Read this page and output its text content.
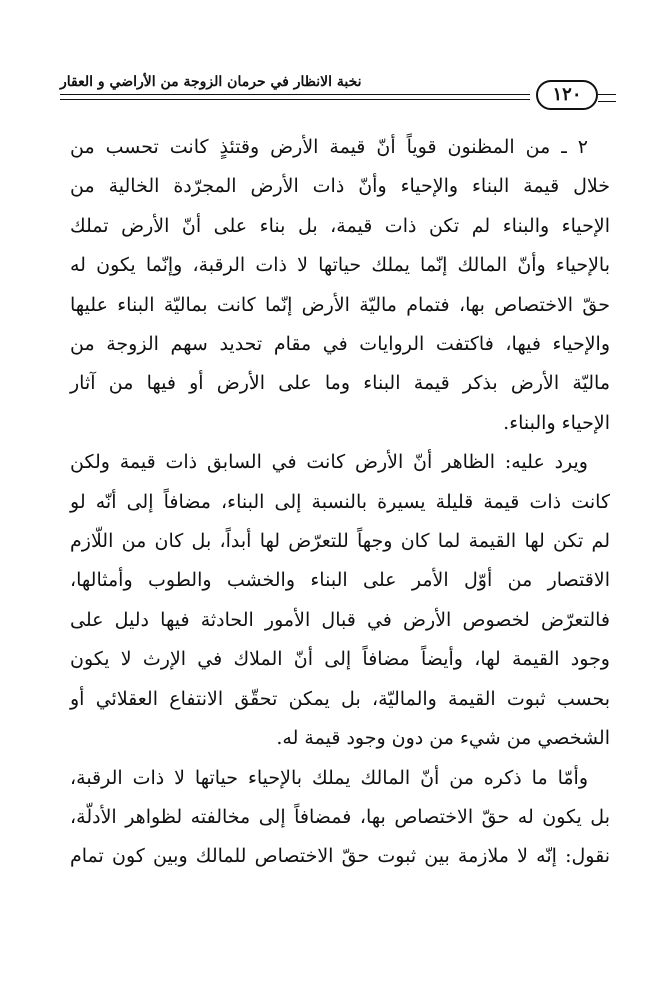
نخبة الانظار في حرمان الزوجة من الأراضي و العقار
١٢٠
٢ ـ من المظنون قوياً أنّ قيمة الأرض وقتئذٍ كانت تحسب من
خلال قيمة البناء والإحياء وأنّ ذات الأرض المجرّدة الخالية من
الإحياء والبناء لم تكن ذات قيمة، بل بناء على أنّ الأرض تملك
بالإحياء وأنّ المالك إنّما يملك حياتها لا ذات الرقبة، وإنّما يكون له
حقّ الاختصاص بها، فتمام ماليّة الأرض إنّما كانت بماليّة البناء عليها
والإحياء فيها، فاكتفت الروايات في مقام تحديد سهم الزوجة من
ماليّة الأرض بذكر قيمة البناء وما على الأرض أو فيها من آثار
الإحياء والبناء.
ويرد عليه: الظاهر أنّ الأرض كانت في السابق ذات قيمة ولكن
كانت ذات قيمة قليلة يسيرة بالنسبة إلى البناء، مضافاً إلى أنّه لو
لم تكن لها القيمة لما كان وجهاً للتعرّض لها أبداً، بل كان من اللّازم
الاقتصار من أوّل الأمر على البناء والخشب والطوب وأمثالها،
فالتعرّض لخصوص الأرض في قبال الأمور الحادثة فيها دليل على
وجود القيمة لها، وأيضاً مضافاً إلى أنّ الملاك في الإرث لا يكون
بحسب ثبوت القيمة والماليّة، بل يمكن تحقّق الانتفاع العقلائي أو
الشخصي من شيء من دون وجود قيمة له.
وأمّا ما ذكره من أنّ المالك يملك بالإحياء حياتها لا ذات الرقبة،
بل يكون له حقّ الاختصاص بها، فمضافاً إلى مخالفته لظواهر الأدلّة،
نقول: إنّه لا ملازمة بين ثبوت حقّ الاختصاص للمالك وبين كون تمام
